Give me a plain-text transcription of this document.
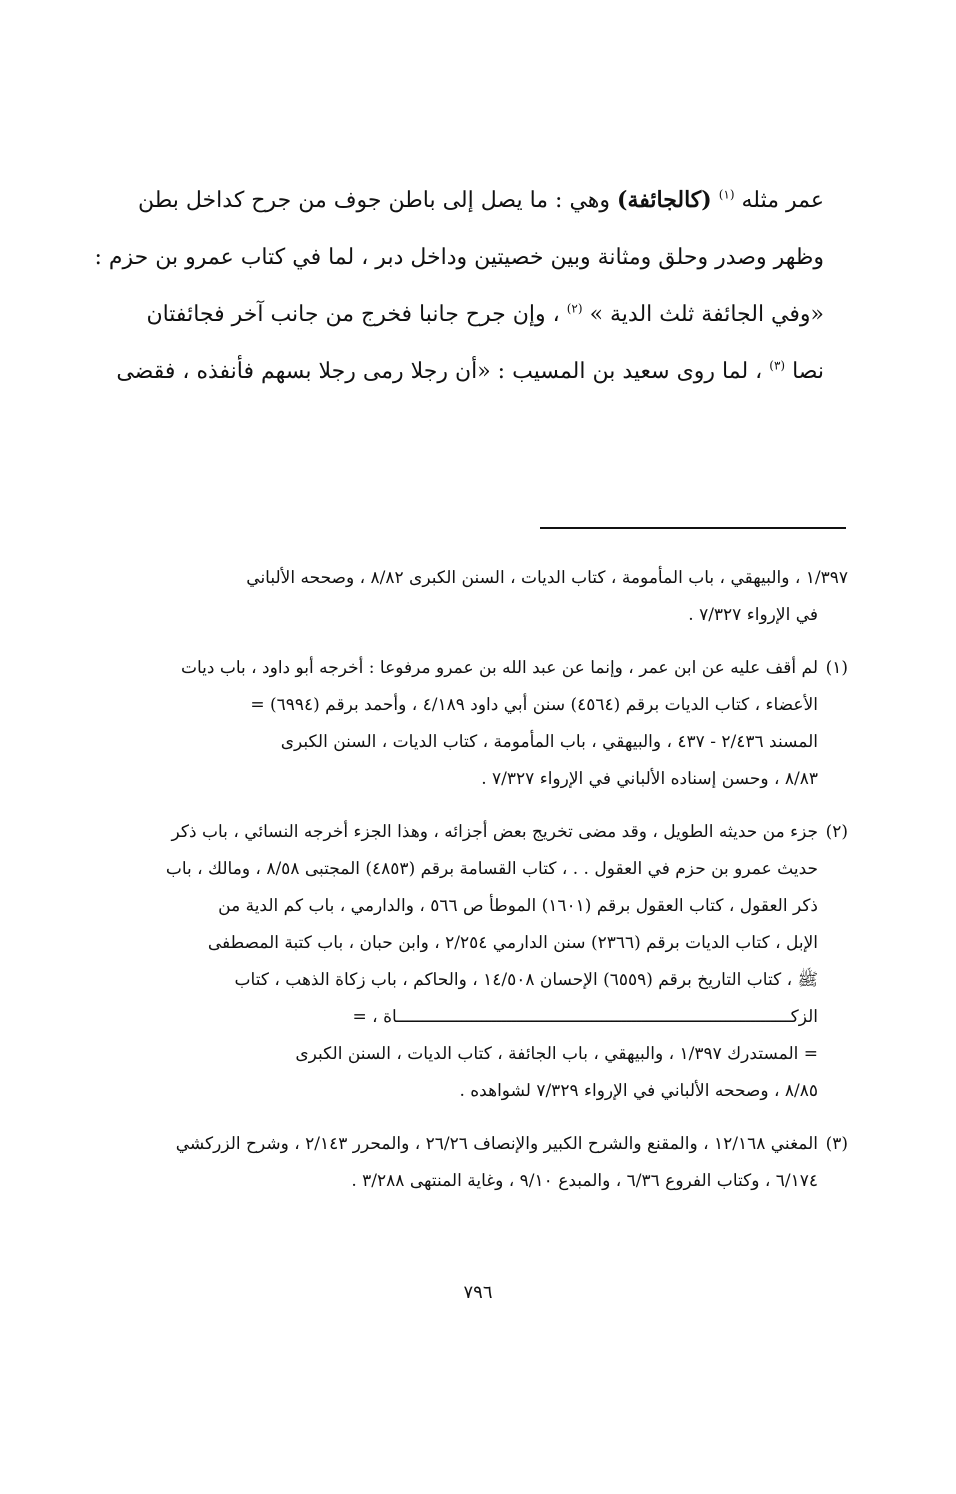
عمر مثله $^{(١)}$ (كالجائفة) وهي : ما يصل إلى باطن جوف من جرح كداخل بطن
وظهر وصدر وحلق ومثانة وبين خصيتين وداخل دبر ، لما في كتاب عمرو بن حزم :
«وفي الجائفة ثلث الدية » $^{(٢)}$ ، وإن جرح جانبا فخرج من جانب آخر فجائفتان
نصا $^{(٣)}$ ، لما روى سعيد بن المسيب : «أن رجلا رمى رجلا بسهم فأنفذه ، فقضى
١/٣٩٧ ، والبيهقي ، باب المأمومة ، كتاب الديات ، السنن الكبرى ٨/٨٢ ، وصححه الألباني
في الإرواء ٧/٣٢٧ .
(١)لم أقف عليه عن ابن عمر ، وإنما عن عبد الله بن عمرو مرفوعا : أخرجه أبو داود ، باب ديات
الأعضاء ، كتاب الديات برقم (٤٥٦٤) سنن أبي داود ٤/١٨٩ ، وأحمد برقم (٦٩٩٤) =
المسند ٢/٤٣٦ - ٤٣٧ ، والبيهقي ، باب المأمومة ، كتاب الديات ، السنن الكبرى
٨/٨٣ ، وحسن إسناده الألباني في الإرواء ٧/٣٢٧ .
(٢)جزء من حديثه الطويل ، وقد مضى تخريج بعض أجزائه ، وهذا الجزء أخرجه النسائي ، باب ذكر
حديث عمرو بن حزم في العقول . . ، كتاب القسامة برقم (٤٨٥٣) المجتبى ٨/٥٨ ، ومالك ، باب
ذكر العقول ، كتاب العقول برقم (١٦٠١) الموطأ ص ٥٦٦ ، والدارمي ، باب كم الدية من
الإبل ، كتاب الديات برقم (٢٣٦٦) سنن الدارمي ٢/٢٥٤ ، وابن حبان ، باب كتبة المصطفى
ﷺ ، كتاب التاريخ برقم (٦٥٥٩) الإحسان ١٤/٥٠٨ ، والحاكم ، باب زكاة الذهب ، كتاب
الزكـــــــــــــــــــــــــــــــــــــــــــــــــــــــــــــــــــــــــــــــاة ، =
= المستدرك ١/٣٩٧ ، والبيهقي ، باب الجائفة ، كتاب الديات ، السنن الكبرى
٨/٨٥ ، وصححه الألباني في الإرواء ٧/٣٢٩ لشواهده .
(٣)المغني ١٢/١٦٨ ، والمقنع والشرح الكبير والإنصاف ٢٦/٢٦ ، والمحرر ٢/١٤٣ ، وشرح الزركشي
٦/١٧٤ ، وكتاب الفروع ٦/٣٦ ، والمبدع ٩/١٠ ، وغاية المنتهى ٣/٢٨٨ .
٧٩٦
